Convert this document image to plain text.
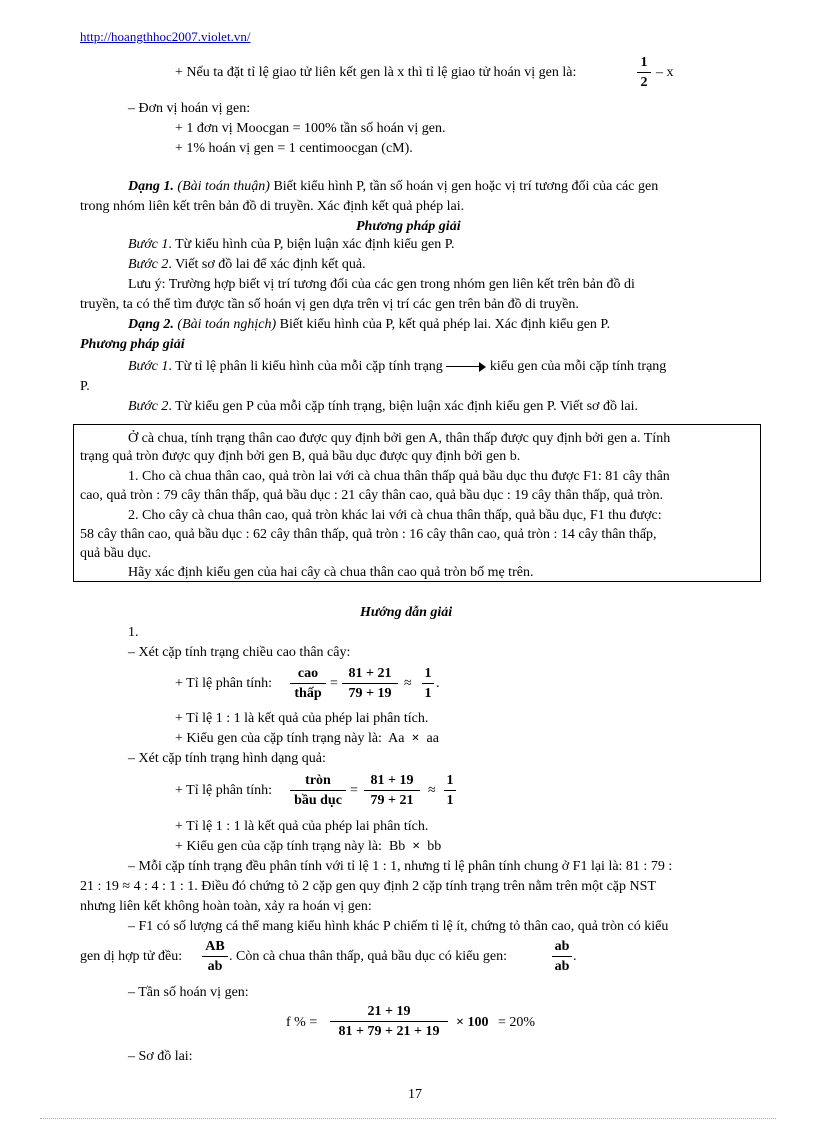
http://hoangthhoc2007.violet.vn/
+ Nếu ta đặt tỉ lệ giao tử liên kết gen là x thì tỉ lệ giao tử hoán vị gen là:
1
2
– x
– Đơn vị hoán vị gen:
+ 1 đơn vị Moocgan = 100% tần số hoán vị gen.
+ 1% hoán vị gen = 1 centimoocgan (cM).
Dạng 1. (Bài toán thuận) Biết kiểu hình P, tần số hoán vị gen hoặc vị trí tương đối của các gen
trong nhóm liên kết trên bản đồ di truyền. Xác định kết quả phép lai.
Phương pháp giải
Bước 1. Từ kiểu hình của P, biện luận xác định kiểu gen P.
Bước 2. Viết sơ đồ lai để xác định kết quả.
Lưu ý: Trường hợp biết vị trí tương đối của các gen trong nhóm gen liên kết trên bản đồ di
truyền, ta có thể tìm được tần số hoán vị gen dựa trên vị trí các gen trên bản đồ di truyền.
Dạng 2. (Bài toán nghịch) Biết kiểu hình của P, kết quả phép lai. Xác định kiểu gen P.
Phương pháp giải
Bước 1. Từ tỉ lệ phân li kiểu hình của mỗi cặp tính trạng	kiểu gen của mỗi cặp tính trạng
P.
Bước 2. Từ kiểu gen P của mỗi cặp tính trạng, biện luận xác định kiểu gen P. Viết sơ đồ lai.
Ở cà chua, tính trạng thân cao được quy định bởi gen A, thân thấp được quy định bởi gen a. Tính
trạng quả tròn được quy định bởi gen B, quả bầu dục được quy định bởi gen b.
1. Cho cà chua thân cao, quả tròn lai với cà chua thân thấp quả bầu dục thu được F1: 81 cây thân
cao, quả tròn : 79 cây thân thấp, quả bầu dục : 21 cây thân cao, quả bầu dục : 19 cây thân thấp, quả tròn.
2. Cho cây cà chua thân cao, quả tròn khác lai với cà chua thân thấp, quả bầu dục, F1 thu được:
58 cây thân cao, quả bầu dục : 62 cây thân thấp, quả tròn : 16 cây thân cao, quả tròn : 14 cây thân thấp,
quả bầu dục.
Hãy xác định kiểu gen của hai cây cà chua thân cao quả tròn bố mẹ trên.
Hướng dẫn giải
1.
– Xét cặp tính trạng chiều cao thân cây:
+ Tỉ lệ phân tính:
cao
thấp
=
81 + 21
79 + 19
≈
1
1
.
+ Tỉ lệ 1 : 1 là kết quả của phép lai phân tích.
+ Kiểu gen của cặp tính trạng này là: Aa × aa
– Xét cặp tính trạng hình dạng quả:
+ Tỉ lệ phân tính:
tròn
bầu dục
=
81 + 19
79 + 21
≈
1
1
+ Tỉ lệ 1 : 1 là kết quả của phép lai phân tích.
+ Kiểu gen của cặp tính trạng này là: Bb × bb
– Mỗi cặp tính trạng đều phân tính với tỉ lệ 1 : 1, nhưng tỉ lệ phân tính chung ở F1 lại là: 81 : 79 :
21 : 19 ≈ 4 : 4 : 1 : 1. Điều đó chứng tỏ 2 cặp gen quy định 2 cặp tính trạng trên nằm trên một cặp NST
nhưng liên kết không hoàn toàn, xảy ra hoán vị gen:
– F1 có số lượng cá thể mang kiểu hình khác P chiếm tỉ lệ ít, chứng tỏ thân cao, quả tròn có kiểu
gen dị hợp tử đều:
AB
ab
. Còn cà chua thân thấp, quả bầu dục có kiểu gen:
ab
ab
.
– Tần số hoán vị gen:
f % =
21 + 19
81 + 79 + 21 + 19
× 100 = 20%
– Sơ đồ lai:
17
